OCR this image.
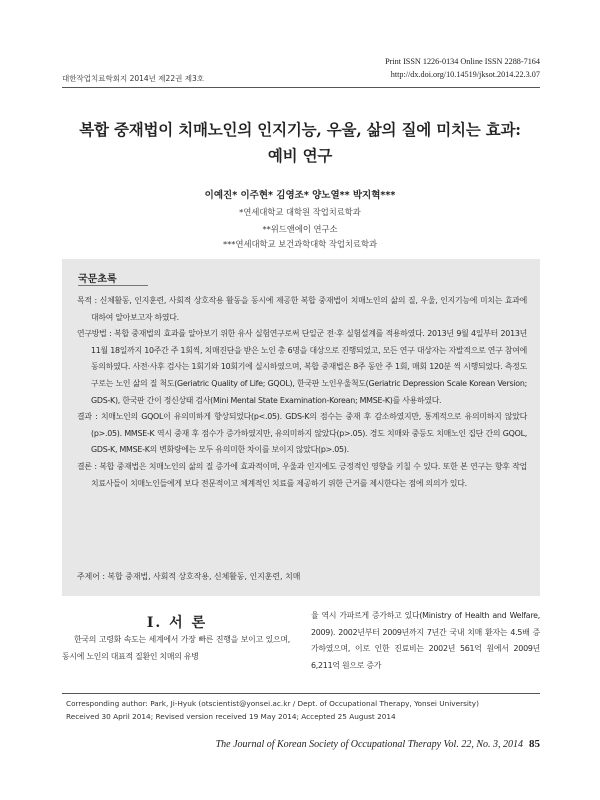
대한작업치료학회지 2014년 제22권 제3호
Print ISSN 1226-0134 Online ISSN 2288-7164
http://dx.doi.org/10.14519/jksot.2014.22.3.07
복합 중재법이 치매노인의 인지기능, 우울, 삶의 질에 미치는 효과:
예비 연구
이예진* 이주현* 김영조* 양노열** 박지혁***
*연세대학교 대학원 작업치료학과
**위드앤에이 연구소
***연세대학교 보건과학대학 작업치료학과
국문초록

목적 : 신체활동, 인지훈련, 사회적 상호작용 활동을 동시에 제공한 복합 중재법이 치매노인의 삶의 질, 우울, 인지기능에 미치는 효과에 대하여 알아보고자 하였다.

연구방법 : 복합 중재법의 효과를 알아보기 위한 유사 실험연구로써 단일군 전·후 실험설계를 적용하였다. 2013년 9월 4일부터 2013년 11월 18일까지 10주간 주 1회씩, 치매진단을 받은 노인 총 6명을 대상으로 진행되었고, 모든 연구 대상자는 자발적으로 연구 참여에 동의하였다. 사전·사후 검사는 1회기와 10회기에 실시하였으며, 복합 중재법은 8주 동안 주 1회, 매회 120분 씩 시행되었다. 측정도구로는 노인 삶의 질 척도(Geriatric Quality of Life; GQOL), 한국판 노인우울척도(Geriatric Depression Scale Korean Version; GDS-K), 한국판 간이 정신상태 검사(Mini Mental State Examination-Korean; MMSE-K)를 사용하였다.

결과 : 치매노인의 GQOL이 유의미하게 향상되었다(p<.05). GDS-K의 점수는 중재 후 감소하였지만, 통계적으로 유의미하지 않았다(p>.05). MMSE-K 역시 중재 후 점수가 증가하였지만, 유의미하지 않았다(p>.05). 경도 치매와 중등도 치매노인 집단 간의 GQOL, GDS-K, MMSE-K의 변화량에는 모두 유의미한 차이를 보이지 않았다(p>.05).

결론 : 복합 중재법은 치매노인의 삶의 질 증가에 효과적이며, 우울과 인지에도 긍정적인 영향을 키칠 수 있다. 또한 본 연구는 향후 작업치료사들이 치매노인들에게 보다 전문적이고 체계적인 치료를 제공하기 위한 근거를 제시한다는 점에 의의가 있다.

주제어 : 복합 중재법, 사회적 상호작용, 신체활동, 인지훈련, 치매
I. 서 론
한국의 고령화 속도는 세계에서 가장 빠른 진행을 보이고 있으며, 동시에 노인의 대표적 질환인 치매의 유병
율 역시 가파르게 증가하고 있다(Ministry of Health and Welfare, 2009). 2002년부터 2009년까지 7년간 국내 치매 환자는 4.5배 증가하였으며, 이로 인한 진료비는 2002년 561억 원에서 2009년 6,211억 원으로 증가
Corresponding author: Park, Ji-Hyuk (otscientist@yonsei.ac.kr / Dept. of Occupational Therapy, Yonsei University)
Received 30 April 2014; Revised version received 19 May 2014; Accepted 25 August 2014
The Journal of Korean Society of Occupational Therapy Vol. 22, No. 3, 2014 85
